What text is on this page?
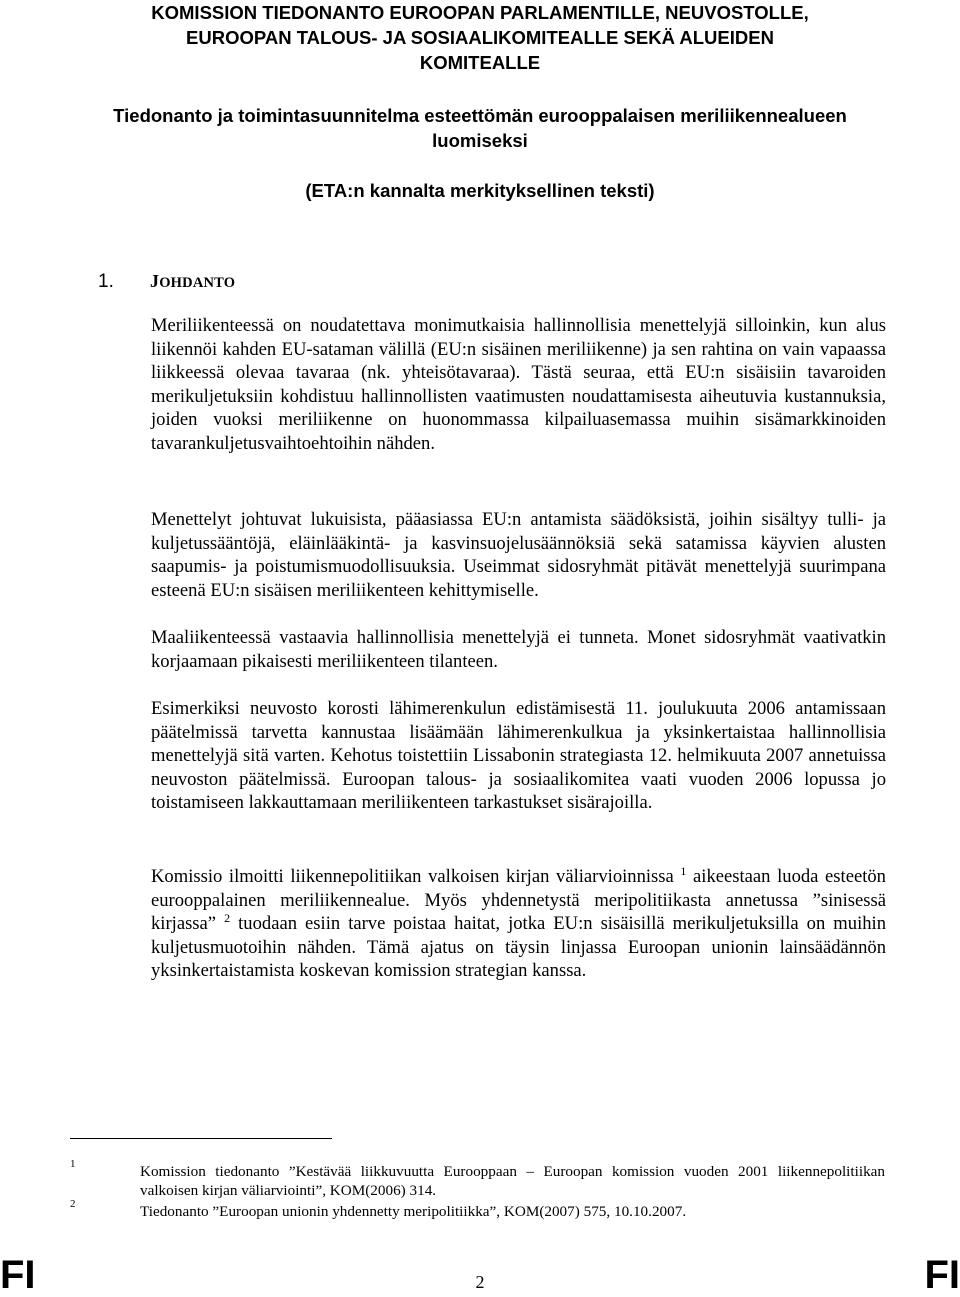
KOMISSION TIEDONANTO EUROOPAN PARLAMENTILLE, NEUVOSTOLLE,
EUROOPAN TALOUS- JA SOSIAALIKOMITEALLE SEKÄ ALUEIDEN
KOMITEALLE
Tiedonanto ja toimintasuunnitelma esteettömän eurooppalaisen meriliikennealueen
luomiseksi

(ETA:n kannalta merkityksellinen teksti)

1. JOHDANTO

Meriliikenteessä on noudatettava monimutkaisia hallinnollisia menettelyjä silloinkin, kun alus liikennöi kahden EU-sataman välillä (EU:n sisäinen meriliikenne) ja sen rahtina on vain vapaassa liikkeessä olevaa tavaraa (nk. yhteisötavaraa). Tästä seuraa, että EU:n sisäisiin tavaroiden merikuljetuksiin kohdistuu hallinnollisten vaatimusten noudattamisesta aiheutuvia kustannuksia, joiden vuoksi meriliikenne on huonommassa kilpailuasemassa muihin sisämarkkinoiden tavarankuljetusvaihtoehtoihin nähden.

Menettelyt johtuvat lukuisista, pääasiassa EU:n antamista säädöksistä, joihin sisältyy tulli- ja kuljetussääntöjä, eläinlääkintä- ja kasvinsuojelusäännöksiä sekä satamissa käyvien alusten saapumis- ja poistumismuodollisuuksia. Useimmat sidosryhmät pitävät menettelyjä suurimpana esteenä EU:n sisäisen meriliikenteen kehittymiselle.

Maaliikenteessä vastaavia hallinnollisia menettelyjä ei tunneta. Monet sidosryhmät vaativatkin korjaamaan pikaisesti meriliikenteen tilanteen.

Esimerkiksi neuvosto korosti lähimerenkulun edistämisestä 11. joulukuuta 2006 antamissaan päätelmissä tarvetta kannustaa lisäämään lähimerenkulkua ja yksinkertaistaa hallinnollisia menettelyjä sitä varten. Kehotus toistettiin Lissabonin strategiasta 12. helmikuuta 2007 annetuissa neuvoston päätelmissä. Euroopan talous- ja sosiaalikomitea vaati vuoden 2006 lopussa jo toistamiseen lakkauttamaan meriliikenteen tarkastukset sisärajoilla.

Komissio ilmoitti liikennepolitiikan valkoisen kirjan väliarvioinnissa $^1$ aikeestaan luoda esteetön eurooppalainen meriliikennealue. Myös yhdennetystä meripolitiikasta annetussa ”sinisessä kirjassa” $^2$ tuodaan esiin tarve poistaa haitat, jotka EU:n sisäisillä merikuljetuksilla on muihin kuljetusmuotoihin nähden. Tämä ajatus on täysin linjassa Euroopan unionin lainsäädännön yksinkertaistamista koskevan komission strategian kanssa.

1	Komission tiedonanto ”Kestävää liikkuvuutta Eurooppaan – Euroopan komission vuoden 2001 liikennepolitiikan valkoisen kirjan väliarviointi”, KOM(2006) 314.
2	Tiedonanto ”Euroopan unionin yhdennetty meripolitiikka”, KOM(2007) 575, 10.10.2007.

FI	2	FI
